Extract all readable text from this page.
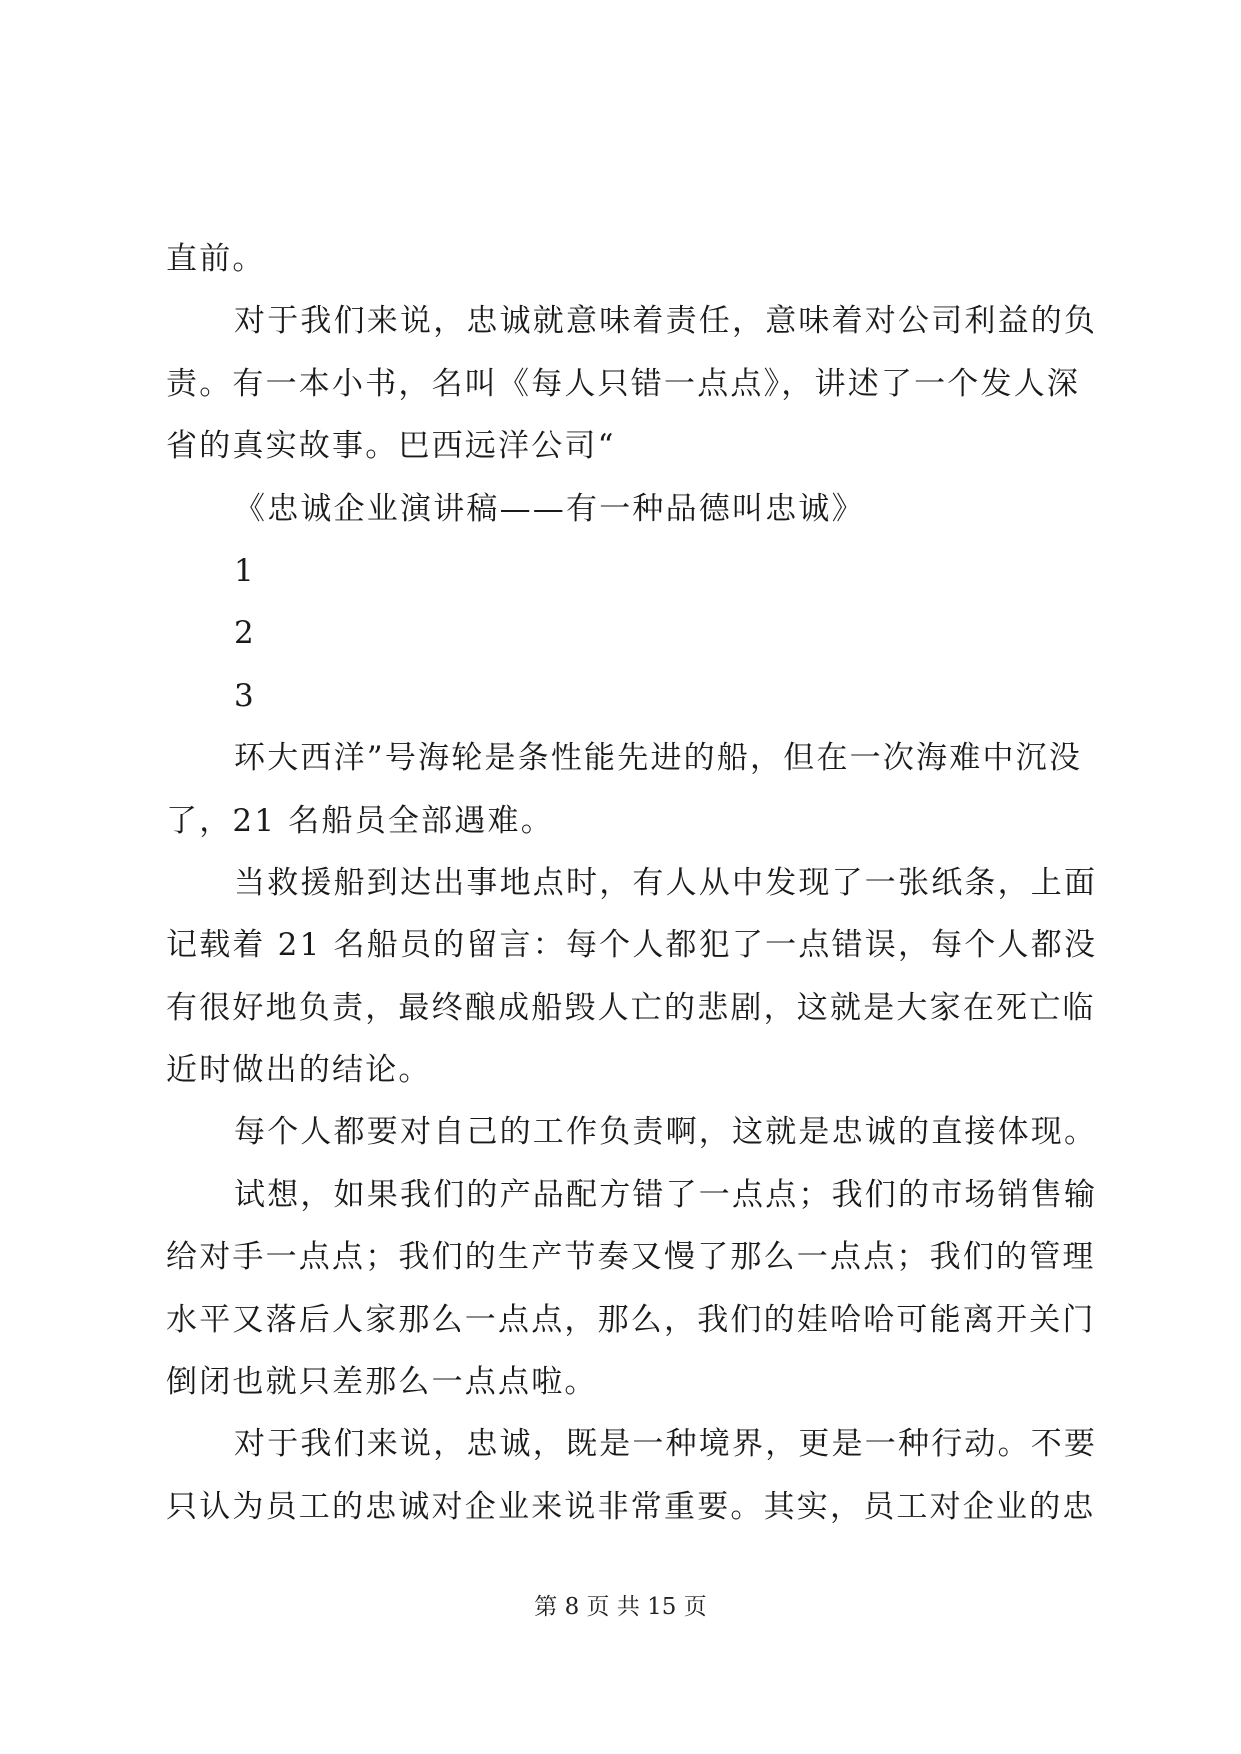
直前。
对于我们来说，忠诚就意味着责任，意味着对公司利益的负
责。有一本小书，名叫《每人只错一点点》，讲述了一个发人深
省的真实故事。巴西远洋公司“
《忠诚企业演讲稿——有一种品德叫忠诚》
1
2
3
环大西洋”号海轮是条性能先进的船，但在一次海难中沉没
了，21 名船员全部遇难。
当救援船到达出事地点时，有人从中发现了一张纸条，上面
记载着 21 名船员的留言：每个人都犯了一点错误，每个人都没
有很好地负责，最终酿成船毁人亡的悲剧，这就是大家在死亡临
近时做出的结论。
每个人都要对自己的工作负责啊，这就是忠诚的直接体现。
试想，如果我们的产品配方错了一点点；我们的市场销售输
给对手一点点；我们的生产节奏又慢了那么一点点；我们的管理
水平又落后人家那么一点点，那么，我们的娃哈哈可能离开关门
倒闭也就只差那么一点点啦。
对于我们来说，忠诚，既是一种境界，更是一种行动。不要
只认为员工的忠诚对企业来说非常重要。其实，员工对企业的忠
第 8 页 共 15 页
